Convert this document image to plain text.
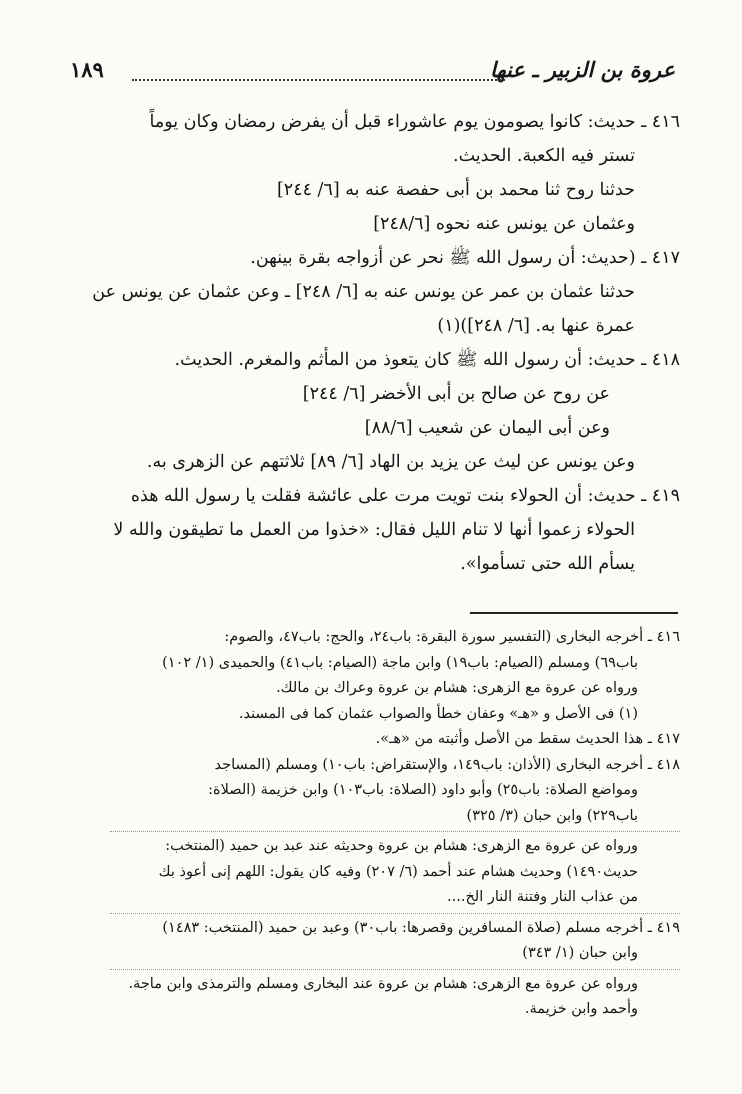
عروة بن الزبير ـ عنها
١٨٩
٤١٦ ـ حديث: كانوا يصومون يوم عاشوراء قبل أن يفرض رمضان وكان يوماً
تستر فيه الكعبة. الحديث.
حدثنا روح ثنا محمد بن أبى حفصة عنه به [٦/ ٢٤٤]
وعثمان عن يونس عنه نحوه [٢٤٨/٦]
٤١٧ ـ (حديث: أن رسول الله ﷺ نحر عن أزواجه بقرة بينهن.
حدثنا عثمان بن عمر عن يونس عنه به [٦/ ٢٤٨] ـ وعن عثمان عن يونس عن
عمرة عنها به. [٦/ ٢٤٨])(١)
٤١٨ ـ حديث: أن رسول الله ﷺ كان يتعوذ من المأثم والمغرم. الحديث.
عن روح عن صالح بن أبى الأخضر [٦/ ٢٤٤]
وعن أبى اليمان عن شعيب [٨٨/٦]
وعن يونس عن ليث عن يزيد بن الهاد [٦/ ٨٩] ثلاثتهم عن الزهرى به.
٤١٩ ـ حديث: أن الحولاء بنت تويت مرت على عائشة فقلت يا رسول الله هذه
الحولاء زعموا أنها لا تنام الليل فقال: «خذوا من العمل ما تطيقون والله لا
يسأم الله حتى تسأموا».
٤١٦ ـ أخرجه البخارى (التفسير سورة البقرة: باب٢٤، والحج: باب٤٧، والصوم:
باب٦٩) ومسلم (الصيام: باب١٩) وابن ماجة (الصيام: باب٤١) والحميدى (١/ ١٠٢)
ورواه عن عروة مع الزهرى: هشام بن عروة وعراك بن مالك.
(١) فى الأصل و «هـ» وعفان خطأ والصواب عثمان كما فى المسند.
٤١٧ ـ هذا الحديث سقط من الأصل وأثبته من «هـ».
٤١٨ ـ أخرجه البخارى (الأذان: باب١٤٩، والإستقراض: باب١٠) ومسلم (المساجد
ومواضع الصلاة: باب٢٥) وأبو داود (الصلاة: باب١٠٣) وابن خزيمة (الصلاة:
باب٢٢٩) وابن حبان (٣/ ٣٢٥)
ورواه عن عروة مع الزهرى: هشام بن عروة وحديثه عند عبد بن حميد (المنتخب:
حديث١٤٩٠) وحديث هشام عند أحمد (٦/ ٢٠٧) وفيه كان يقول: اللهم إنى أعوذ بك
من عذاب النار وفتنة النار الخ....
٤١٩ ـ أخرجه مسلم (صلاة المسافرين وقصرها: باب٣٠) وعبد بن حميد (المنتخب: ١٤٨٣)
وابن حبان (١/ ٣٤٣)
ورواه عن عروة مع الزهرى: هشام بن عروة عند البخارى ومسلم والترمذى وابن ماجة.
وأحمد وابن خزيمة.
